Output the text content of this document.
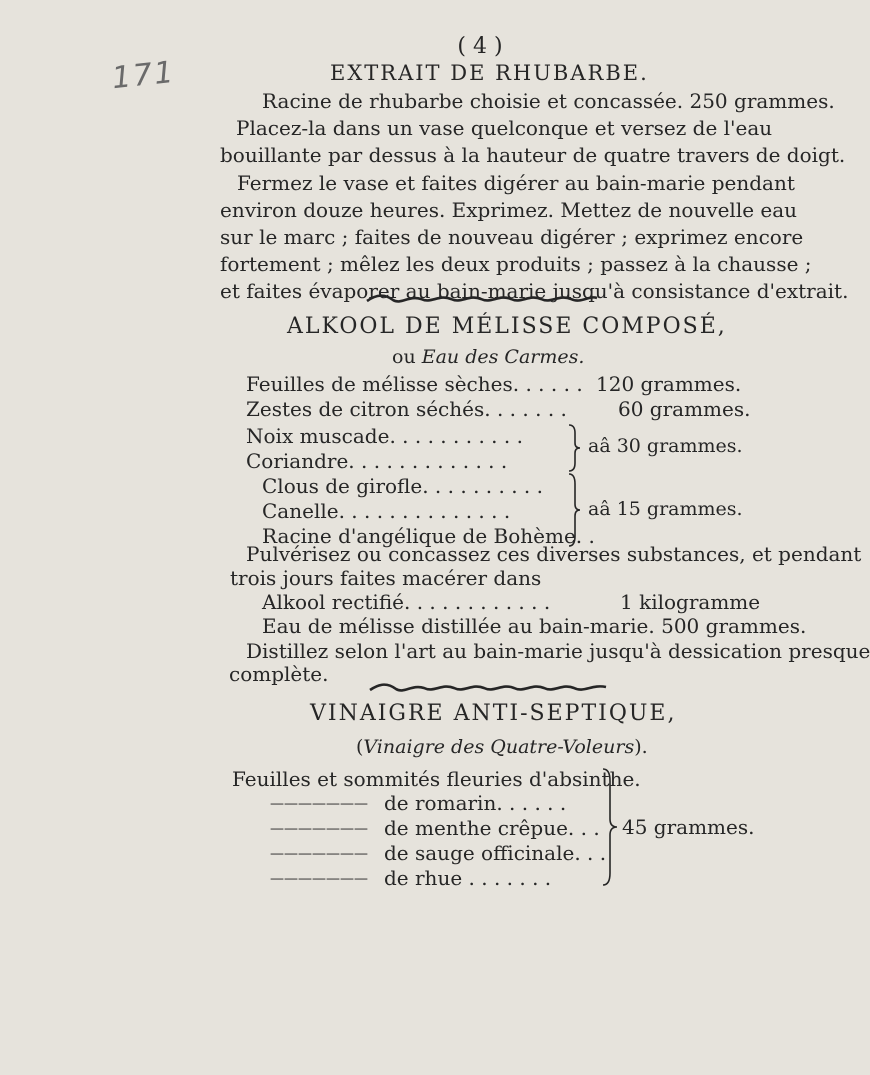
171
( 4 )
EXTRAIT DE RHUBARBE.
Racine de rhubarbe choisie et concassée. 250 grammes.
Placez-la dans un vase quelconque et versez de l'eau
bouillante par dessus à la hauteur de quatre travers de doigt.
Fermez le vase et faites digérer au bain-marie pendant
environ douze heures. Exprimez. Mettez de nouvelle eau
sur le marc ; faites de nouveau digérer ; exprimez encore
fortement ; mêlez les deux produits ; passez à la chausse ;
et faites évaporer au bain-marie jusqu'à consistance d'extrait.
ALKOOL DE MÉLISSE COMPOSÉ,
ou Eau des Carmes.
Feuilles de mélisse sèches. . . . . . 120 grammes.
Zestes de citron séchés. . . . . . .	60 grammes.
Noix muscade. . . . . . . . . . .
Coriandre. . . . . . . . . . . . .
aâ 30 grammes.
Clous de girofle. . . . . . . . . .
Canelle. . . . . . . . . . . . . .
Racine d'angélique de Bohème. .
aâ 15 grammes.
Pulvérisez ou concassez ces diverses substances, et pendant
trois jours faites macérer dans
Alkool rectifié. . . . . . . . . . . .	1 kilogramme
Eau de mélisse distillée au bain-marie. 500 grammes.
Distillez selon l'art au bain-marie jusqu'à dessication presque
complète.
VINAIGRE ANTI-SEPTIQUE,
(Vinaigre des Quatre-Voleurs).
Feuilles et sommités fleuries d'absinthe.
——————— de romarin. . . . . .
——————— de menthe crêpue. . .
——————— de sauge officinale. . .
——————— de rhue . . . . . . .
45 grammes.
